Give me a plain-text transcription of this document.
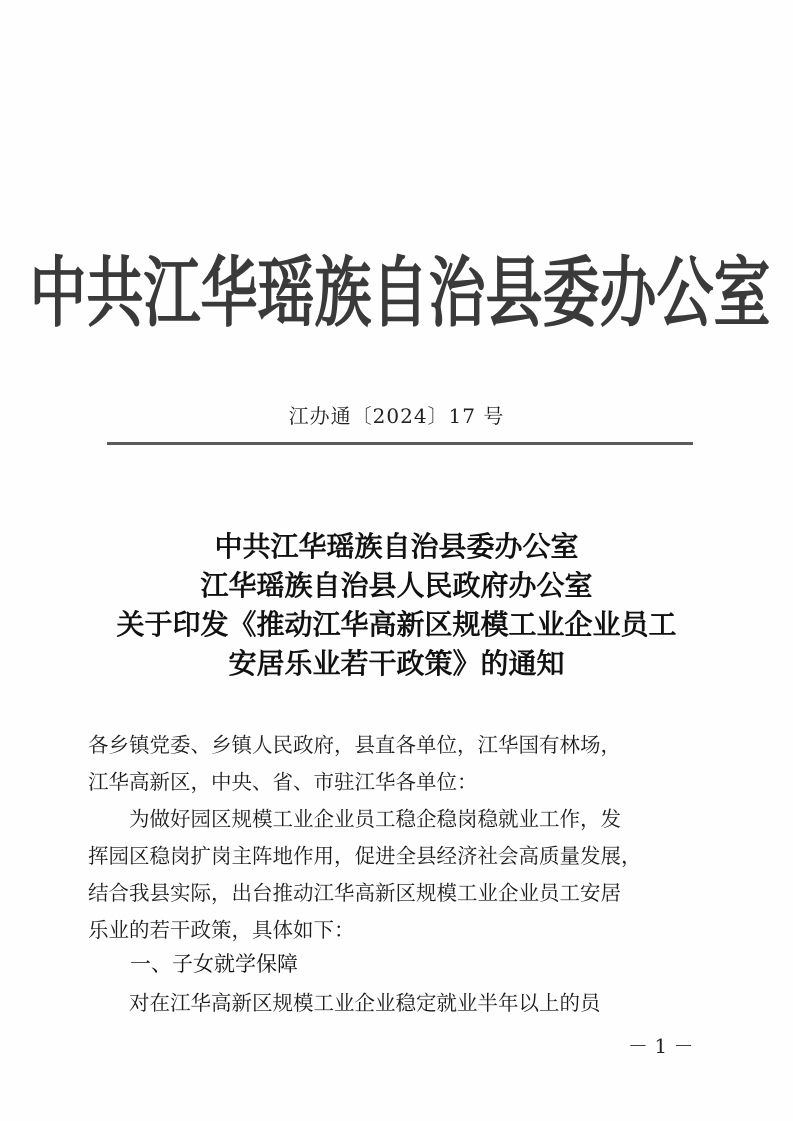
中共江华瑶族自治县委办公室
江办通〔2024〕17 号
中共江华瑶族自治县委办公室
江华瑶族自治县人民政府办公室
关于印发《推动江华高新区规模工业企业员工
安居乐业若干政策》的通知
各乡镇党委、乡镇人民政府，县直各单位，江华国有林场，
江华高新区，中央、省、市驻江华各单位：
　　为做好园区规模工业企业员工稳企稳岗稳就业工作，发
挥园区稳岗扩岗主阵地作用，促进全县经济社会高质量发展，
结合我县实际，出台推动江华高新区规模工业企业员工安居
乐业的若干政策，具体如下：
一、子女就学保障
　　对在江华高新区规模工业企业稳定就业半年以上的员
－ 1 －
